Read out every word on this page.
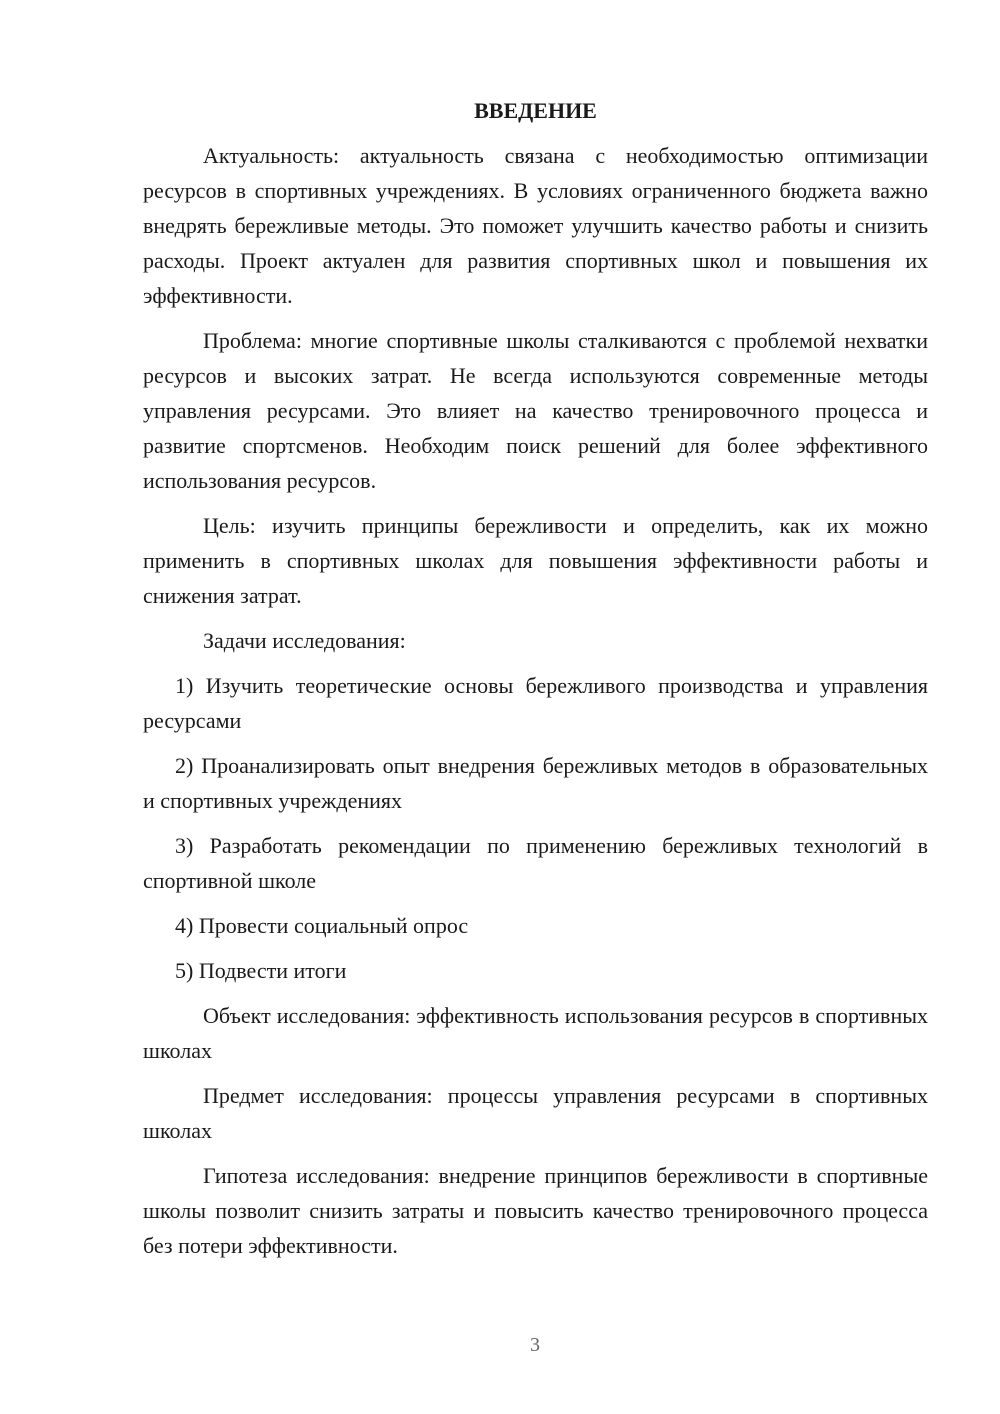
ВВЕДЕНИЕ

Актуальность: актуальность связана с необходимостью оптимизации ресурсов в спортивных учреждениях. В условиях ограниченного бюджета важно внедрять бережливые методы. Это поможет улучшить качество работы и снизить расходы. Проект актуален для развития спортивных школ и повышения их эффективности.

Проблема: многие спортивные школы сталкиваются с проблемой нехватки ресурсов и высоких затрат. Не всегда используются современные методы управления ресурсами. Это влияет на качество тренировочного процесса и развитие спортсменов. Необходим поиск решений для более эффективного использования ресурсов.

Цель: изучить принципы бережливости и определить, как их можно применить в спортивных школах для повышения эффективности работы и снижения затрат.

Задачи исследования:

1) Изучить теоретические основы бережливого производства и управления ресурсами

2) Проанализировать опыт внедрения бережливых методов в образовательных и спортивных учреждениях

3) Разработать рекомендации по применению бережливых технологий в спортивной школе

4) Провести социальный опрос

5) Подвести итоги

Объект исследования: эффективность использования ресурсов в спортивных школах

Предмет исследования: процессы управления ресурсами в спортивных школах

Гипотеза исследования: внедрение принципов бережливости в спортивные школы позволит снизить затраты и повысить качество тренировочного процесса без потери эффективности.

3
